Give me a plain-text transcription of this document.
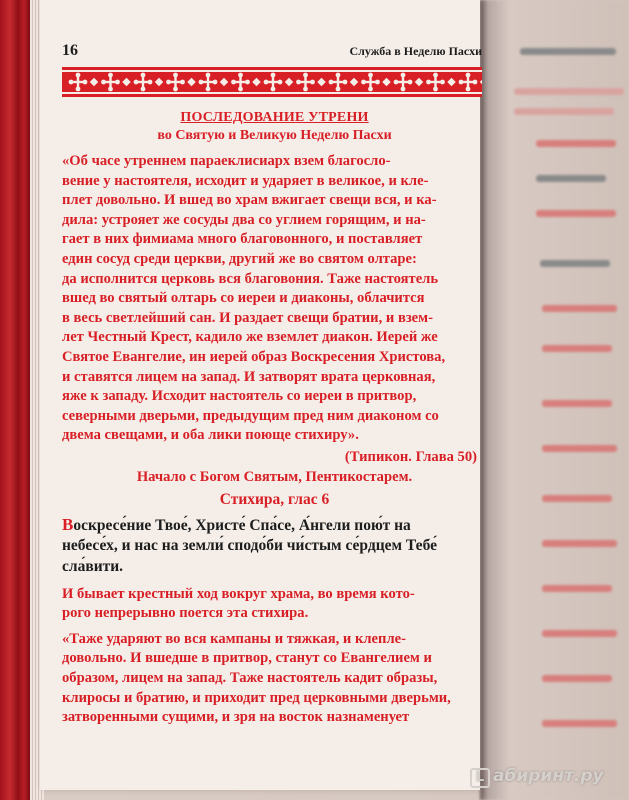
16	Служба в Неделю Пасхи
ПОСЛЕДОВАНИЕ УТРЕНИ
во Святую и Великую Неделю Пасхи
«Об часе утреннем параеклисиарх взем благосло-
вение у настоятеля, исходит и ударяет в великое, и кле-
плет довольно. И вшед во храм вжигает свещи вся, и ка-
дила: устрояет же сосуды два со углием горящим, и на-
гает в них фимиама много благовонного, и поставляет
един сосуд среди церкви, другий же во святом олтаре:
да исполнится церковь вся благовония. Таже настоятель
вшед во святый олтарь со иереи и диаконы, облачится
в весь светлейший сан. И раздает свещи братии, и взем-
лет Честный Крест, кадило же вземлет диакон. Иерей же
Святое Евангелие, ин иерей образ Воскресения Христова,
и ставятся лицем на запад. И затворят врата церковная,
яже к западу. Исходит настоятель со иереи в притвор,
северными дверьми, предыдущим пред ним диаконом со
двема свещами, и оба лики поюще стихиру».
(Типикон. Глава 50)
Начало с Богом Святым, Пентикостарем.
Стихира, глас 6
Воскресе́ние Твое́, Христе́ Спа́се, А́нгели пою́т на
небесе́х, и нас на земли́ сподо́би чи́стым се́рдцем Тебе́
сла́вити.
И бывает крестный ход вокруг храма, во время кото-
рого непрерывно поется эта стихира.
«Таже ударяют во вся кампаны и тяжкая, и клепле-
довольно. И вшедше в притвор, станут со Евангелием и
образом, лицем на запад. Таже настоятель кадит образы,
клиросы и братию, и приходит пред церковными дверьми,
затворенными сущими, и зря на восток назнаменует
L абиринт.ру
